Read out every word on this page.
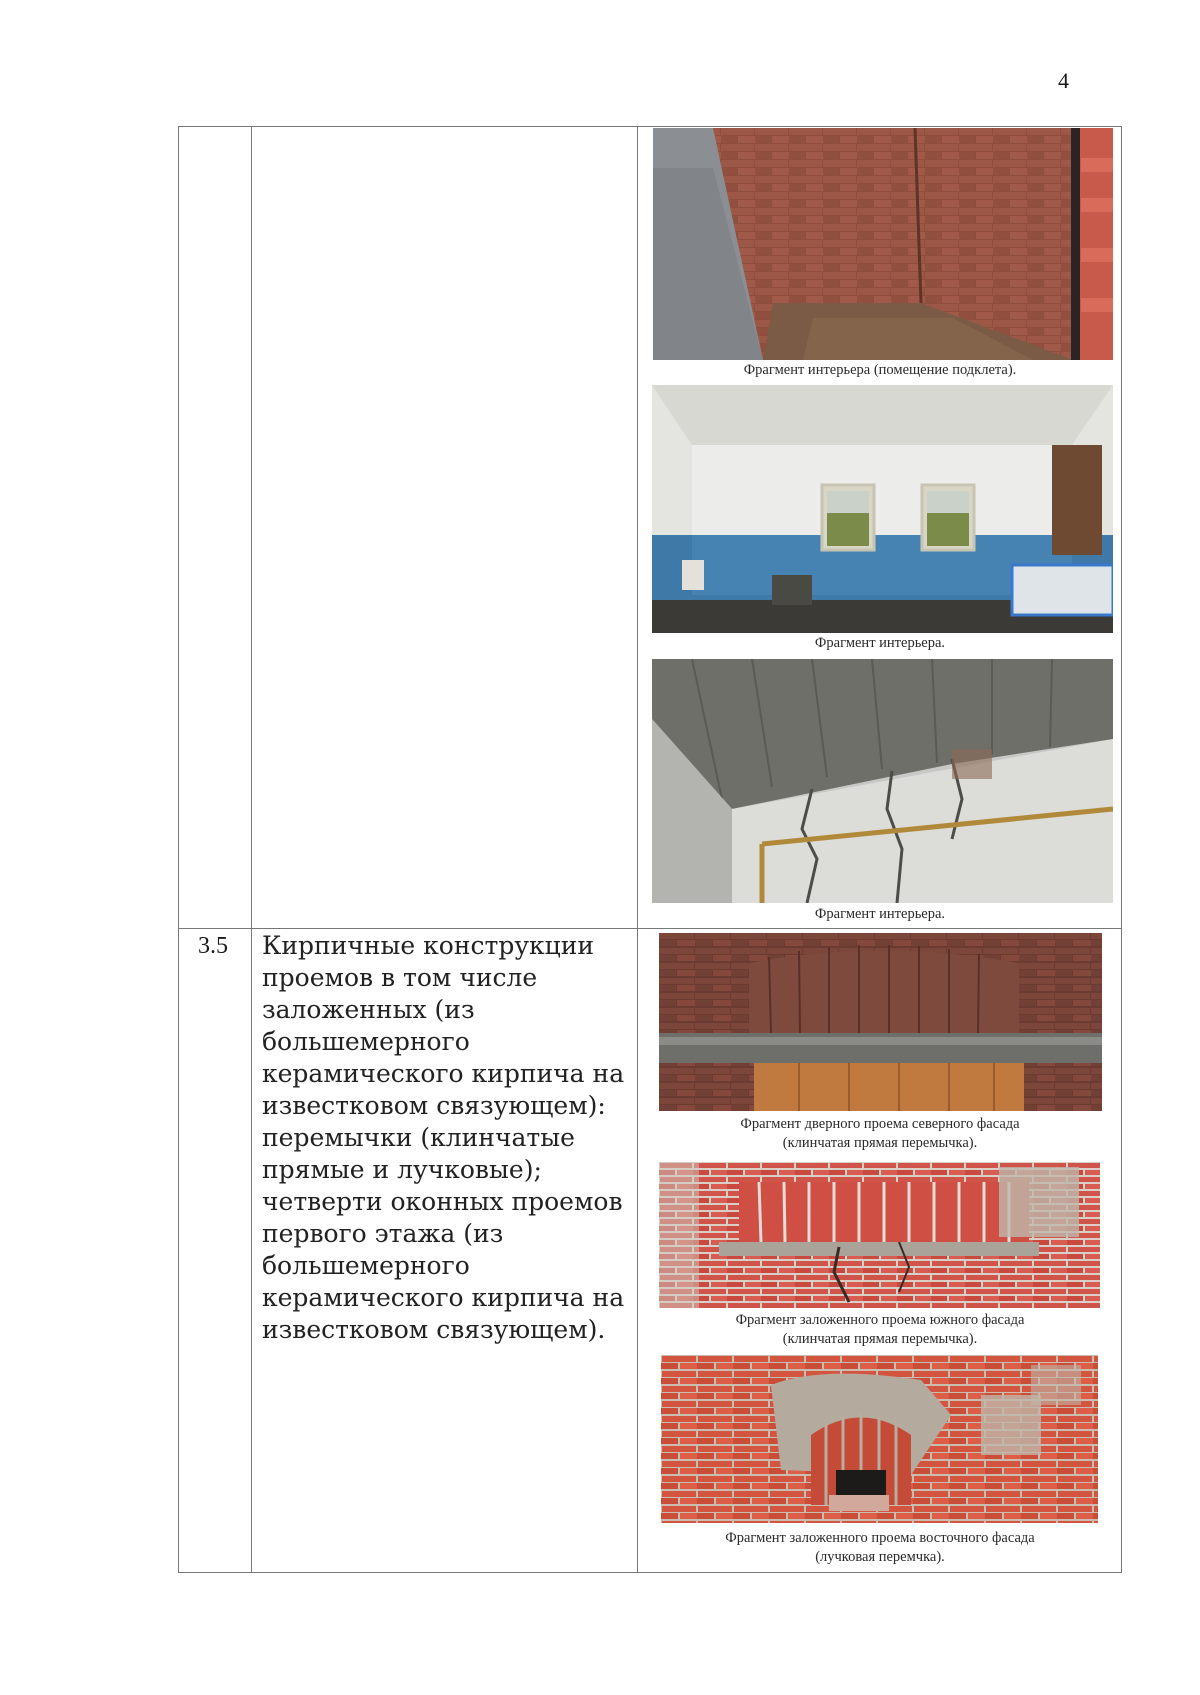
4
Фрагмент интерьера (помещение подклета).
Фрагмент интерьера.
Фрагмент интерьера.
3.5 Кирпичные конструкции
проемов в том числе
заложенных (из
большемерного
керамического кирпича на
известковом связующем):
перемычки (клинчатые
прямые и лучковые);
четверти оконных проемов
первого этажа (из
большемерного
керамического кирпича на
известковом связующем).
Фрагмент дверного проема северного фасада
(клинчатая прямая перемычка).
Фрагмент заложенного проема южного фасада
(клинчатая прямая перемычка).
Фрагмент заложенного проема восточного фасада
(лучковая перемчка).
